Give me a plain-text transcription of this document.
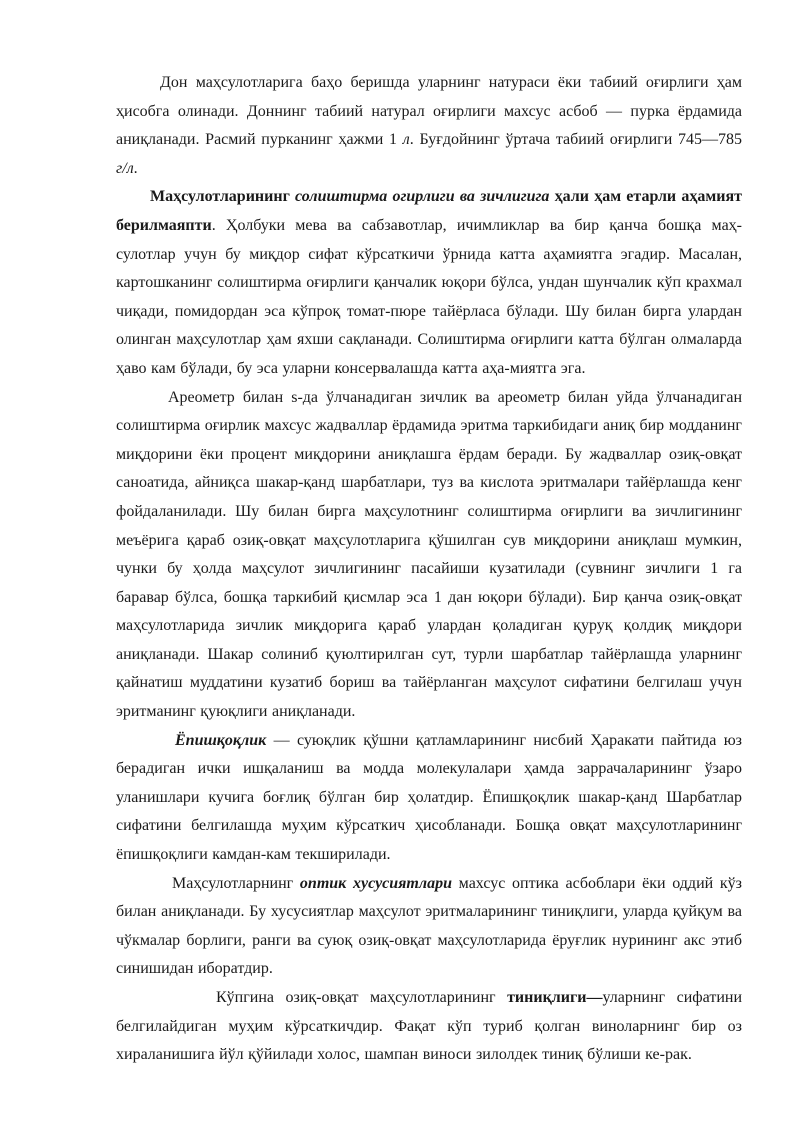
Дон маҳсулотларига баҳо беришда уларнинг натураси ёки табиий оғирлиги ҳам ҳисобга олинади. Доннинг табиий натурал оғирлиги махсус асбоб — пурка ёрдамида аниқланади. Расмий пурканинг ҳажми 1 л. Буғдойнинг ўртача табиий оғирлиги 745—785 г/л.

Маҳсулотларининг солиштирма огирлиги ва зичлигига ҳали ҳам етарли аҳамият берилмаяпти. Ҳолбуки мева ва сабзавотлар, ичимликлар ва бир қанча бошқа маҳ-сулотлар учун бу миқдор сифат кўрсаткичи ўрнида катта аҳамиятга эгадир. Масалан, картошканинг солиштирма оғирлиги қанчалик юқори бўлса, ундан шунчалик кўп крахмал чиқади, помидордан эса кўпроқ томат-пюре тайёрласа бўлади. Шу билан бирга улардан олинган маҳсулотлар ҳам яхши сақланади. Солиштирма оғирлиги катта бўлган олмаларда ҳаво кам бўлади, бу эса уларни консервалашда катта аҳа-миятга эга.

Ареометр билан s-да ўлчанадиган зичлик ва ареометр билан уйда ўлчанадиган солиштирма оғирлик махсус жадваллар ёрдамида эритма таркибидаги аниқ бир модданинг миқдорини ёки процент миқдорини аниқлашга ёрдам беради. Бу жадваллар озиқ-овқат саноатида, айниқса шакар-қанд шарбатлари, туз ва кислота эритмалари тайёрлашда кенг фойдаланилади. Шу билан бирга маҳсулотнинг солиштирма оғирлиги ва зичлигининг меъёрига қараб озиқ-овқат маҳсулотларига қўшилган сув миқдорини аниқлаш мумкин, чунки бу ҳолда маҳсулот зичлигининг пасайиши кузатилади (сувнинг зичлиги 1 га баравар бўлса, бошқа таркибий қисмлар эса 1 дан юқори бўлади). Бир қанча озиқ-овқат маҳсулотларида зичлик миқдорига қараб улардан қоладиган қуруқ қолдиқ миқдори аниқланади. Шакар солиниб қуюлтирилган сут, турли шарбатлар тайёрлашда уларнинг қайнатиш муддатини кузатиб бориш ва тайёрланган маҳсулот сифатини белгилаш учун эритманинг қуюқлиги аниқланади.

Ёпишқоқлик — суюқлик қўшни қатламларининг нисбий Ҳаракати пайтида юз берадиган ички ишқаланиш ва модда молекулалари ҳамда заррачаларининг ўзаро уланишлари кучига боғлиқ бўлган бир ҳолатдир. Ёпишқоқлик шакар-қанд Шарбатлар сифатини белгилашда муҳим кўрсаткич ҳисобланади. Бошқа овқат маҳсулотларининг ёпишқоқлиги камдан-кам текширилади.

Маҳсулотларнинг оптик хусусиятлари махсус оптика асбоблари ёки оддий кўз билан аниқланади. Бу хусусиятлар маҳсулот эритмаларининг тиниқлиги, уларда қуйқум ва чўкмалар борлиги, ранги ва суюқ озиқ-овқат маҳсулотларида ёруғлик нурининг акс этиб синишидан иборатдир.

Кўпгина озиқ-овқат маҳсулотларининг тиниқлиги—уларнинг сифатини белгилайдиган муҳим кўрсаткичдир. Фақат кўп туриб қолган виноларнинг бир оз хираланишига йўл қўйилади холос, шампан виноси зилолдек тиниқ бўлиши ке-рак.
